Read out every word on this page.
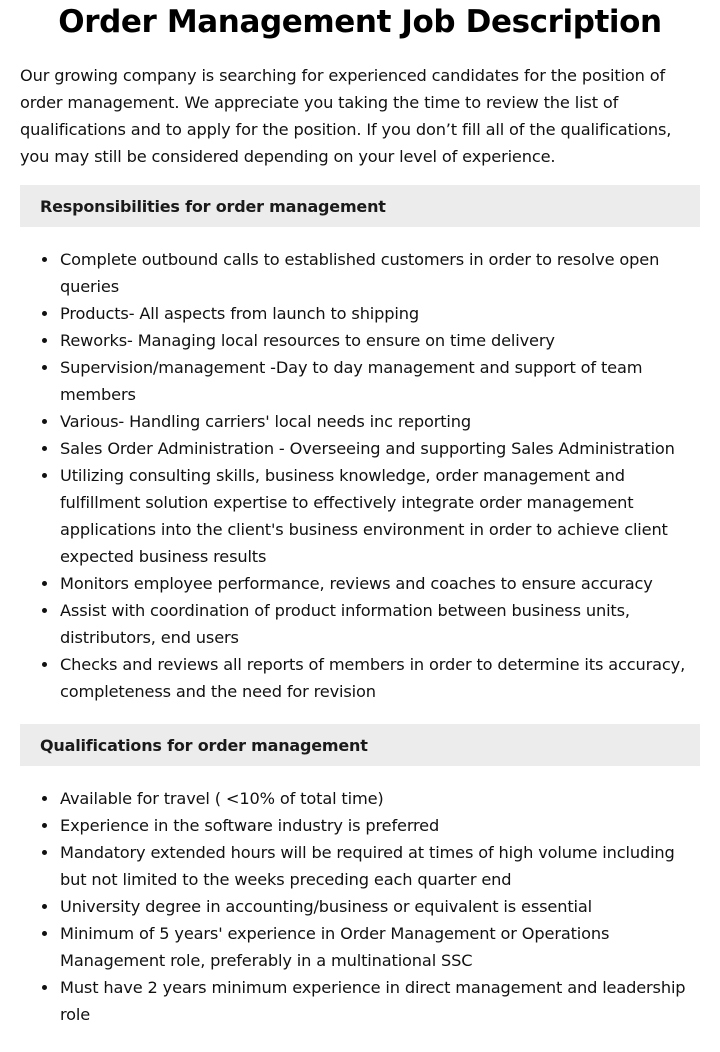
Order Management Job Description

Our growing company is searching for experienced candidates for the position of order management. We appreciate you taking the time to review the list of qualifications and to apply for the position. If you don’t fill all of the qualifications, you may still be considered depending on your level of experience.

Responsibilities for order management
Complete outbound calls to established customers in order to resolve open queries
Products- All aspects from launch to shipping
Reworks- Managing local resources to ensure on time delivery
Supervision/management -Day to day management and support of team members
Various- Handling carriers' local needs inc reporting
Sales Order Administration - Overseeing and supporting Sales Administration
Utilizing consulting skills, business knowledge, order management and fulfillment solution expertise to effectively integrate order management applications into the client's business environment in order to achieve client expected business results
Monitors employee performance, reviews and coaches to ensure accuracy
Assist with coordination of product information between business units, distributors, end users
Checks and reviews all reports of members in order to determine its accuracy, completeness and the need for revision
Qualifications for order management
Available for travel ( <10% of total time)
Experience in the software industry is preferred
Mandatory extended hours will be required at times of high volume including but not limited to the weeks preceding each quarter end
University degree in accounting/business or equivalent is essential
Minimum of 5 years' experience in Order Management or Operations Management role, preferably in a multinational SSC
Must have 2 years minimum experience in direct management and leadership role
